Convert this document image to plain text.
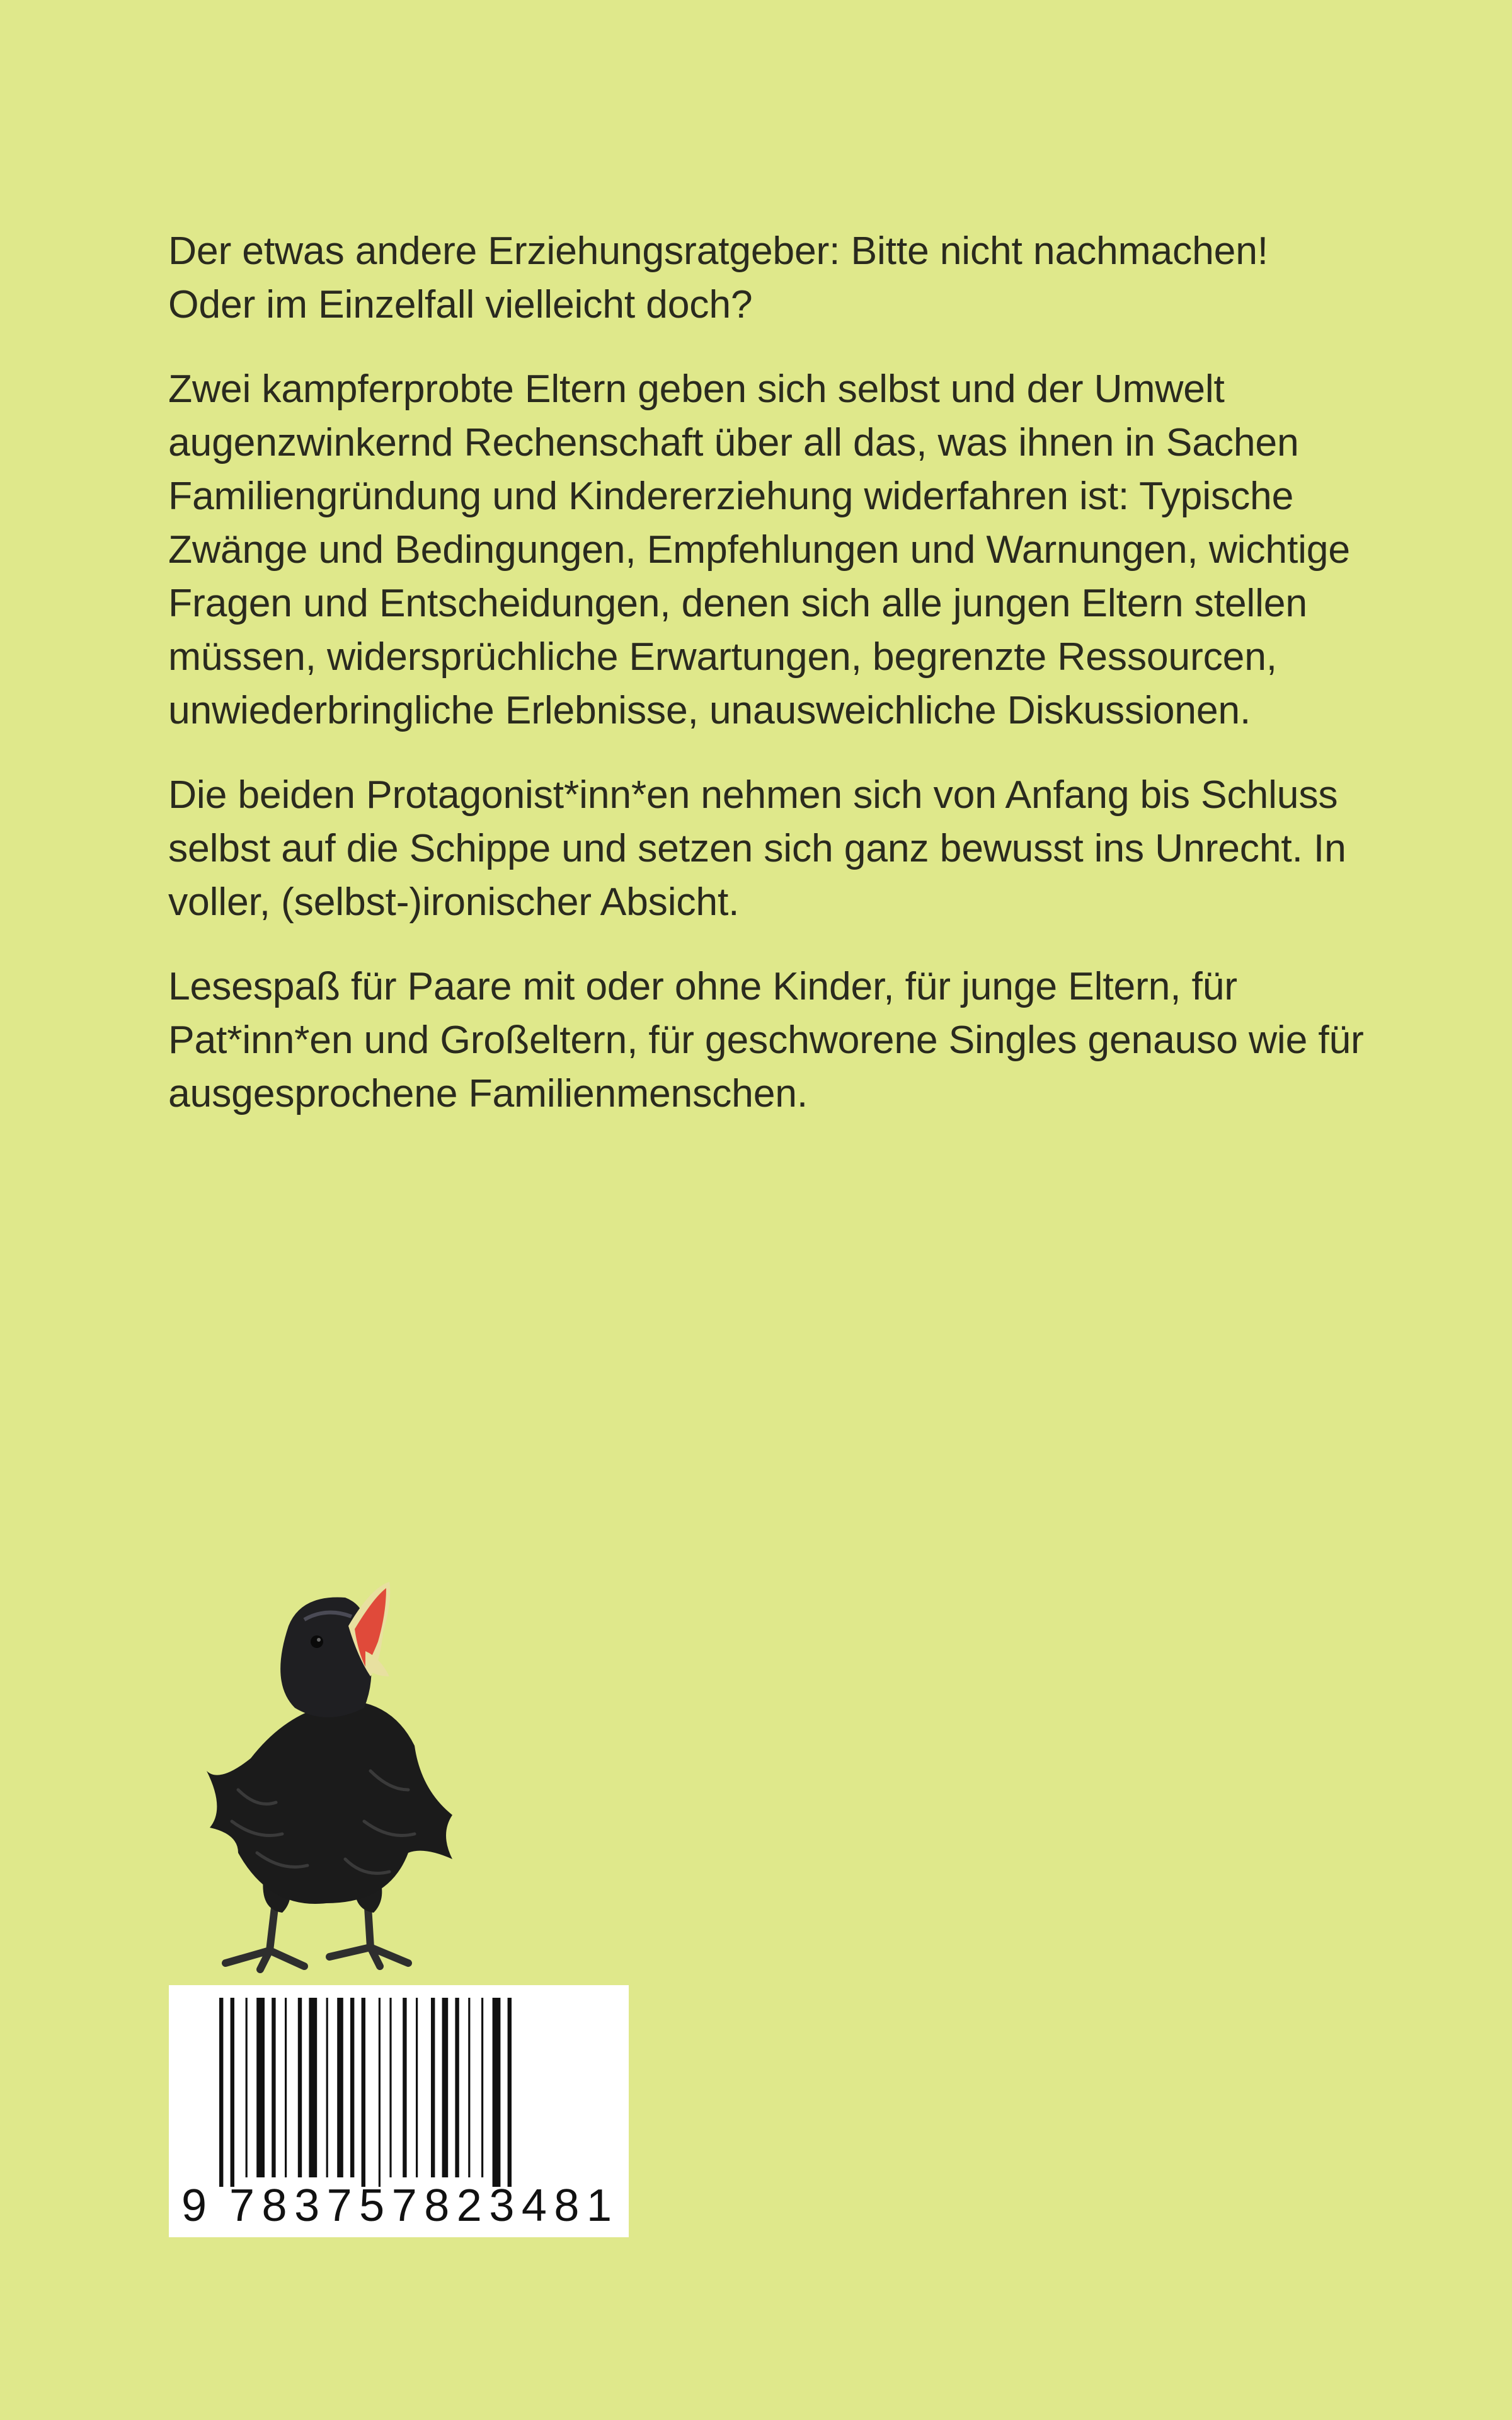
Der etwas andere Erziehungsratgeber: Bitte nicht nachmachen! Oder im Einzelfall vielleicht doch?

Zwei kampferprobte Eltern geben sich selbst und der Umwelt augenzwinkernd Rechenschaft über all das, was ihnen in Sachen Familiengründung und Kindererziehung widerfahren ist: Typische Zwänge und Bedingungen, Empfehlungen und Warnungen, wichtige Fragen und Entscheidungen, denen sich alle jungen Eltern stellen müssen, widersprüchliche Erwartungen, begrenzte Ressourcen, unwiederbringliche Erlebnisse, unausweichliche Diskussionen.

Die beiden Protagonist*inn*en nehmen sich von Anfang bis Schluss selbst auf die Schippe und setzen sich ganz bewusst ins Unrecht. In voller, (selbst-)ironischer Absicht.

Lesespaß für Paare mit oder ohne Kinder, für junge Eltern, für Pat*inn*en und Großeltern, für geschworene Singles genauso wie für ausgesprochene Familienmenschen.

9 783757823481
